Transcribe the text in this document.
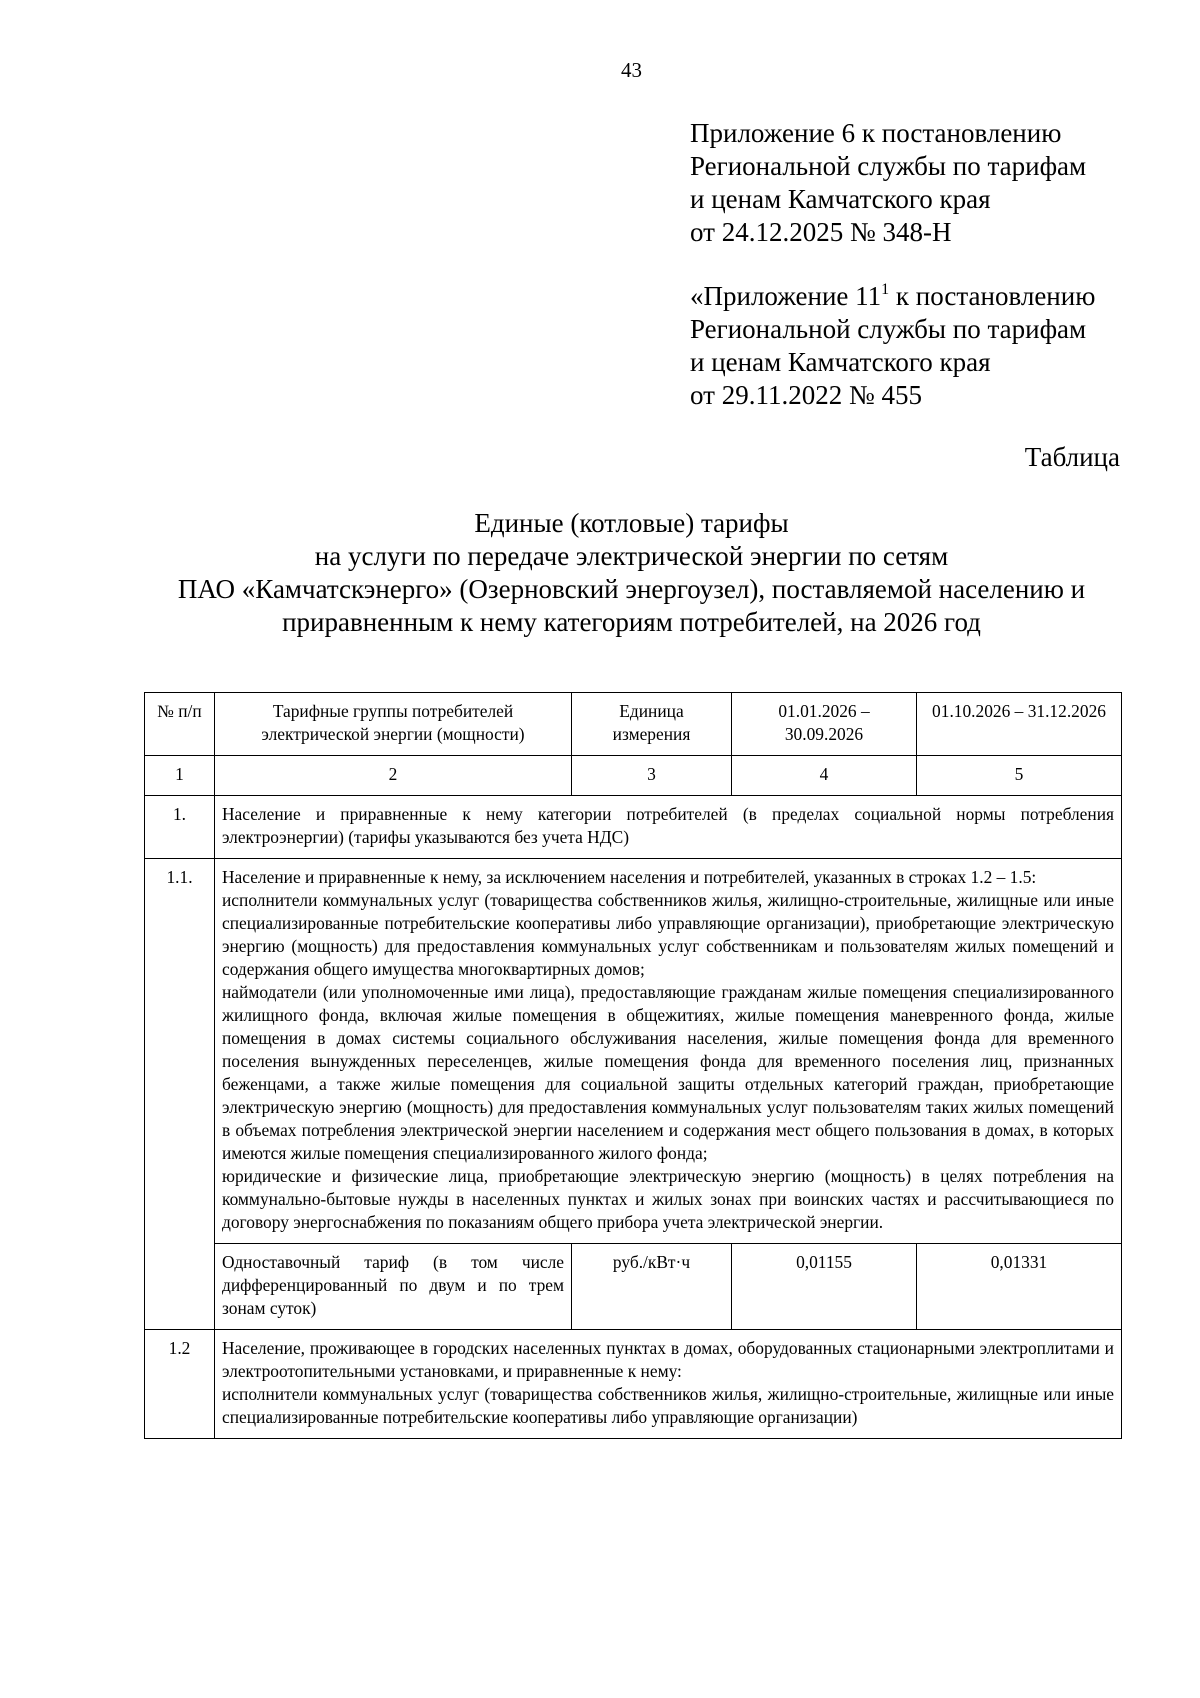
43
Приложение 6 к постановлению
Региональной службы по тарифам
и ценам Камчатского края
от 24.12.2025 № 348-Н
«Приложение $11^1$ к постановлению
Региональной службы по тарифам
и ценам Камчатского края
от 29.11.2022 № 455
Таблица
Единые (котловые) тарифы
на услуги по передаче электрической энергии по сетям
ПАО «Камчатскэнерго» (Озерновский энергоузел), поставляемой населению и
приравненным к нему категориям потребителей, на 2026 год
№ п/п	Тарифные группы потребителей электрической энергии (мощности)	Единица измерения	01.01.2026 – 30.09.2026	01.10.2026 – 31.12.2026
1	2	3	4	5
1.	Население и приравненные к нему категории потребителей (в пределах социальной нормы потребления электроэнергии) (тарифы указываются без учета НДС)			
1.1.	Население и приравненные к нему, за исключением населения и потребителей, указанных в строках 1.2 – 1.5:
исполнители коммунальных услуг (товарищества собственников жилья, жилищно-строительные, жилищные или иные специализированные потребительские кооперативы либо управляющие организации), приобретающие электрическую энергию (мощность) для предоставления коммунальных услуг собственникам и пользователям жилых помещений и содержания общего имущества многоквартирных домов;
наймодатели (или уполномоченные ими лица), предоставляющие гражданам жилые помещения специализированного жилищного фонда, включая жилые помещения в общежитиях, жилые помещения маневренного фонда, жилые помещения в домах системы социального обслуживания населения, жилые помещения фонда для временного поселения вынужденных переселенцев, жилые помещения фонда для временного поселения лиц, признанных беженцами, а также жилые помещения для социальной защиты отдельных категорий граждан, приобретающие электрическую энергию (мощность) для предоставления коммунальных услуг пользователям таких жилых помещений в объемах потребления электрической энергии населением и содержания мест общего пользования в домах, в которых имеются жилые помещения специализированного жилого фонда;
юридические и физические лица, приобретающие электрическую энергию (мощность) в целях потребления на коммунально-бытовые нужды в населенных пунктах и жилых зонах при воинских частях и рассчитывающиеся по договору энергоснабжения по показаниям общего прибора учета электрической энергии.			

	Одноставочный тариф (в том числе дифференцированный по двум и по трем зонам суток)	руб./кВт·ч	0,01155	0,01331
1.2	Население, проживающее в городских населенных пунктах в домах, оборудованных стационарными электроплитами и электроотопительными установками, и приравненные к нему:
исполнители коммунальных услуг (товарищества собственников жилья, жилищно-строительные, жилищные или иные специализированные потребительские кооперативы либо управляющие организации)			
